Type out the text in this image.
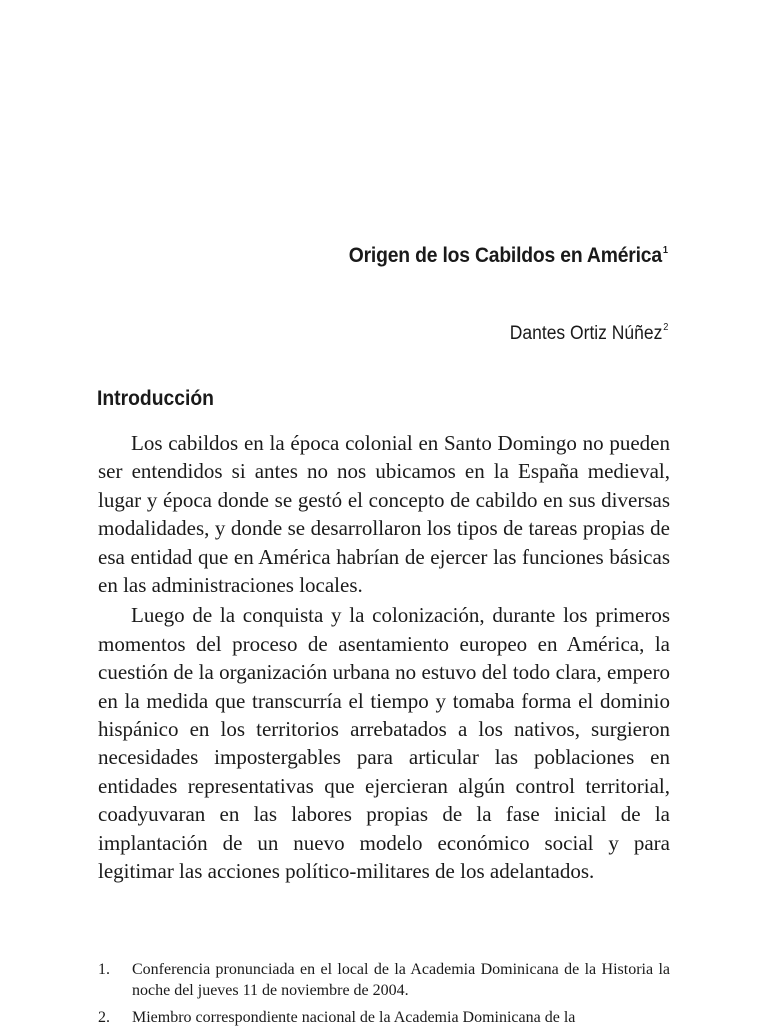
Origen de los Cabildos en América$^1$
Dantes Ortiz Núñez$^2$
Introducción

Los cabildos en la época colonial en Santo Domingo no pueden ser entendidos si antes no nos ubicamos en la España medieval, lugar y época donde se gestó el concepto de cabildo en sus diversas modalidades, y donde se desarrollaron los tipos de tareas propias de esa entidad que en América habrían de ejercer las funciones básicas en las administraciones locales.

Luego de la conquista y la colonización, durante los primeros momentos del proceso de asentamiento europeo en América, la cuestión de la organización urbana no estuvo del todo clara, empero en la medida que transcurría el tiempo y tomaba forma el dominio hispánico en los territorios arrebatados a los nativos, surgieron necesidades impostergables para articular las poblaciones en entidades representativas que ejercieran algún control territorial, coadyuvaran en las labores propias de la fase inicial de la implantación de un nuevo modelo económico social y para legitimar las acciones político-militares de los adelantados.

1.	Conferencia pronunciada en el local de la Academia Dominicana de la Historia la noche del jueves 11 de noviembre de 2004.
2.	Miembro correspondiente nacional de la Academia Dominicana de la
